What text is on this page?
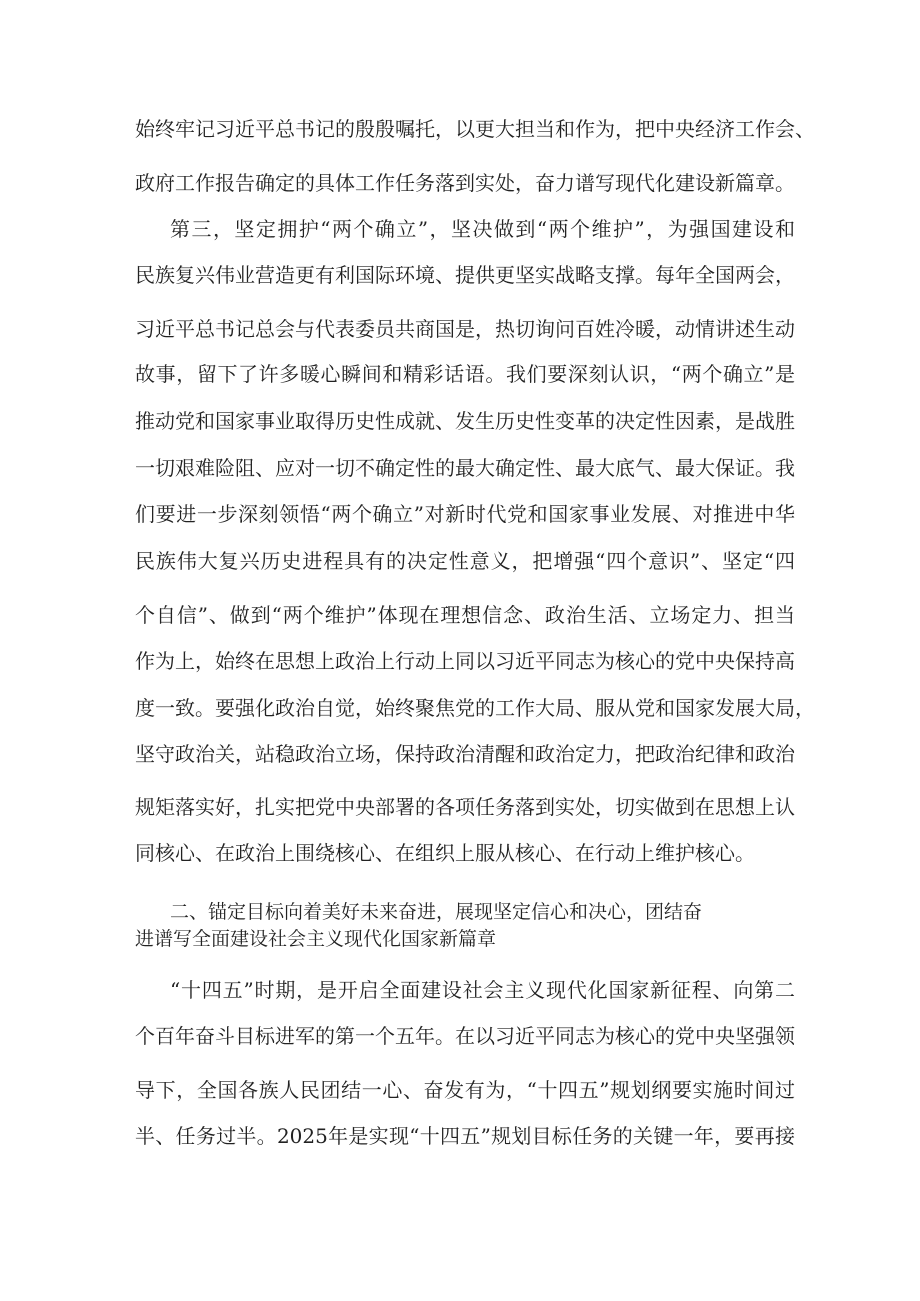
始终牢记习近平总书记的殷殷嘱托，以更大担当和作为，把中央经济工作会、
政府工作报告确定的具体工作任务落到实处，奋力谱写现代化建设新篇章。
第三，坚定拥护“两个确立”，坚决做到“两个维护”，为强国建设和
民族复兴伟业营造更有利国际环境、提供更坚实战略支撑。每年全国两会，
习近平总书记总会与代表委员共商国是，热切询问百姓冷暖，动情讲述生动
故事，留下了许多暖心瞬间和精彩话语。我们要深刻认识，“两个确立”是
推动党和国家事业取得历史性成就、发生历史性变革的决定性因素，是战胜
一切艰难险阻、应对一切不确定性的最大确定性、最大底气、最大保证。我
们要进一步深刻领悟“两个确立”对新时代党和国家事业发展、对推进中华
民族伟大复兴历史进程具有的决定性意义，把增强“四个意识”、坚定“四
个自信”、做到“两个维护”体现在理想信念、政治生活、立场定力、担当
作为上，始终在思想上政治上行动上同以习近平同志为核心的党中央保持高
度一致。要强化政治自觉，始终聚焦党的工作大局、服从党和国家发展大局，
坚守政治关，站稳政治立场，保持政治清醒和政治定力，把政治纪律和政治
规矩落实好，扎实把党中央部署的各项任务落到实处，切实做到在思想上认
同核心、在政治上围绕核心、在组织上服从核心、在行动上维护核心。
二、锚定目标向着美好未来奋进，展现坚定信心和决心，团结奋
进谱写全面建设社会主义现代化国家新篇章
“十四五”时期，是开启全面建设社会主义现代化国家新征程、向第二
个百年奋斗目标进军的第一个五年。在以习近平同志为核心的党中央坚强领
导下，全国各族人民团结一心、奋发有为，“十四五”规划纲要实施时间过
半、任务过半。2025年是实现“十四五”规划目标任务的关键一年，要再接
